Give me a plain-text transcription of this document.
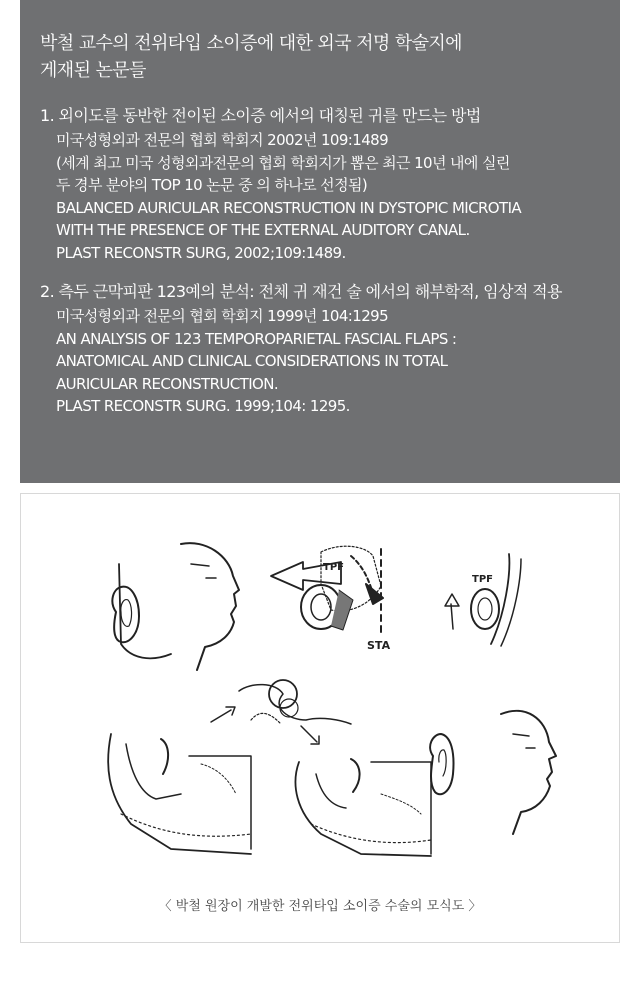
박철 교수의 전위타입 소이증에 대한 외국 저명 학술지에
게재된 논문들
1. 외이도를 동반한 전이된 소이증 에서의 대칭된 귀를 만드는 방법
미국성형외과 전문의 협회 학회지 2002년 109:1489
(세계 최고 미국 성형외과전문의 협회 학회지가 뽑은 최근 10년 내에 실린
두 경부 분야의 TOP 10 논문 중 의 하나로 선정됨)
BALANCED AURICULAR RECONSTRUCTION IN DYSTOPIC MICROTIA
WITH THE PRESENCE OF THE EXTERNAL AUDITORY CANAL.
PLAST RECONSTR SURG, 2002;109:1489.
2. 측두 근막피판 123예의 분석: 전체 귀 재건 술 에서의 해부학적, 임상적 적용
미국성형외과 전문의 협회 학회지 1999년 104:1295
AN ANALYSIS OF 123 TEMPOROPARIETAL FASCIAL FLAPS :
ANATOMICAL AND CLINICAL CONSIDERATIONS IN TOTAL
AURICULAR RECONSTRUCTION.
PLAST RECONSTR SURG. 1999;104: 1295.
TPF
STA
TPF
〈 박철 원장이 개발한 전위타입 소이증 수술의 모식도 〉
